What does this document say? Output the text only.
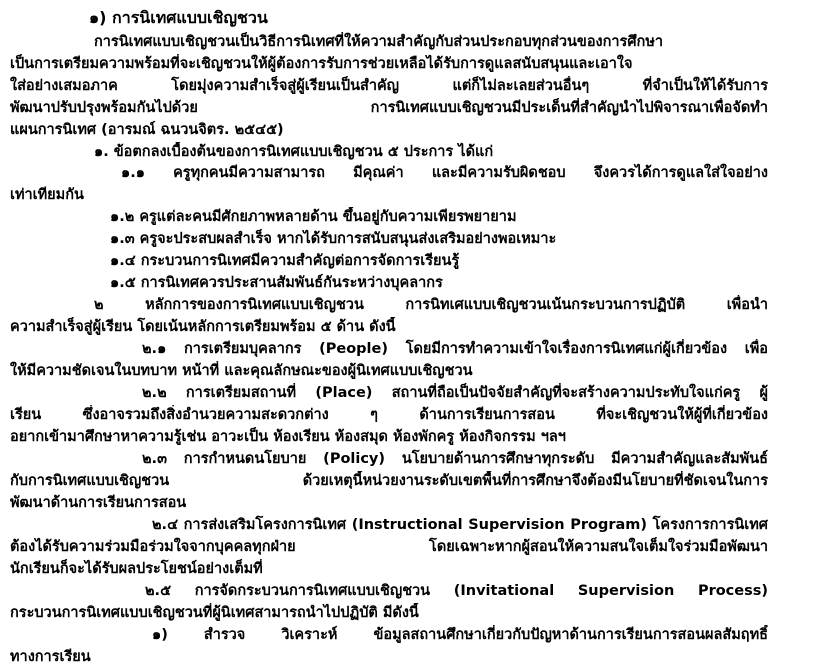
๑) การนิเทศแบบเชิญชวน
การนิเทศแบบเชิญชวนเป็นวิธีการนิเทศที่ให้ความสำคัญกับส่วนประกอบทุกส่วนของการศึกษา
เป็นการเตรียมความพร้อมที่จะเชิญชวนให้ผู้ต้องการรับการช่วยเหลือได้รับการดูแลสนับสนุนและเอาใจ
ใส่อย่างเสมอภาค โดยมุ่งความสำเร็จสู่ผู้เรียนเป็นสำคัญ แต่ก็ไม่ละเลยส่วนอื่นๆ ที่จำเป็นให้ได้รับการ
พัฒนาปรับปรุงพร้อมกันไปด้วย การนิเทศแบบเชิญชวนมีประเด็นที่สำคัญนำไปพิจารณาเพื่อจัดทำ
แผนการนิเทศ (อารมณ์ ฉนวนจิตร. ๒๕๔๕)
๑. ข้อตกลงเบื้องต้นของการนิเทศแบบเชิญชวน ๕ ประการ ได้แก่
๑.๑ ครูทุกคนมีความสามารถ มีคุณค่า และมีความรับผิดชอบ จึงควรได้การดูแลใส่ใจอย่าง
เท่าเทียมกัน
๑.๒ ครูแต่ละคนมีศักยภาพหลายด้าน ขึ้นอยู่กับความเพียรพยายาม
๑.๓ ครูจะประสบผลสำเร็จ หากได้รับการสนับสนุนส่งเสริมอย่างพอเหมาะ
๑.๔ กระบวนการนิเทศมีความสำคัญต่อการจัดการเรียนรู้
๑.๕ การนิเทศควรประสานสัมพันธ์กันระหว่างบุคลากร
๒ หลักการของการนิเทศแบบเชิญชวน การนิทเศแบบเชิญชวนเน้นกระบวนการปฏิบัติ เพื่อนำ
ความสำเร็จสู่ผู้เรียน โดยเน้นหลักการเตรียมพร้อม ๕ ด้าน ดังนี้
๒.๑ การเตรียมบุคลากร (People) โดยมีการทำความเข้าใจเรื่องการนิเทศแก่ผู้เกี่ยวข้อง เพื่อ
ให้มีความชัดเจนในบทบาท หน้าที่ และคุณลักษณะของผู้นิเทศแบบเชิญชวน
๒.๒ การเตรียมสถานที่ (Place) สถานที่ถือเป็นปัจจัยสำคัญที่จะสร้างความประทับใจแก่ครู ผู้
เรียน ซึ่งอาจรวมถึงสิ่งอำนวยความสะดวกต่าง ๆ ด้านการเรียนการสอน ที่จะเชิญชวนให้ผู้ที่เกี่ยวข้อง
อยากเข้ามาศึกษาหาความรู้เช่น อาวะเป็น ห้องเรียน ห้องสมุด ห้องพักครู ห้องกิจกรรม ฯลฯ
๒.๓ การกำหนดนโยบาย (Policy) นโยบายด้านการศึกษาทุกระดับ มีความสำคัญและสัมพันธ์
กับการนิเทศแบบเชิญชวน ด้วยเหตุนี้หน่วยงานระดับเขตพื้นที่การศึกษาจึงต้องมีนโยบายที่ชัดเจนในการ
พัฒนาด้านการเรียนการสอน
๒.๔ การส่งเสริมโครงการนิเทศ (Instructional Supervision Program) โครงการการนิเทศ
ต้องได้รับความร่วมมือร่วมใจจากบุคคลทุกฝ่าย โดยเฉพาะหากผู้สอนให้ความสนใจเต็มใจร่วมมือพัฒนา
นักเรียนก็จะได้รับผลประโยชน์อย่างเต็มที่
๒.๕ การจัดกระบวนการนิเทศแบบเชิญชวน (Invitational Supervision Process)
กระบวนการนิเทศแบบเชิญชวนที่ผู้นิเทศสามารถนำไปปฏิบัติ มีดังนี้
๑) สำรวจ วิเคราะห์ ข้อมูลสถานศึกษาเกี่ยวกับปัญหาด้านการเรียนการสอนผลสัมฤทธิ์
ทางการเรียน
